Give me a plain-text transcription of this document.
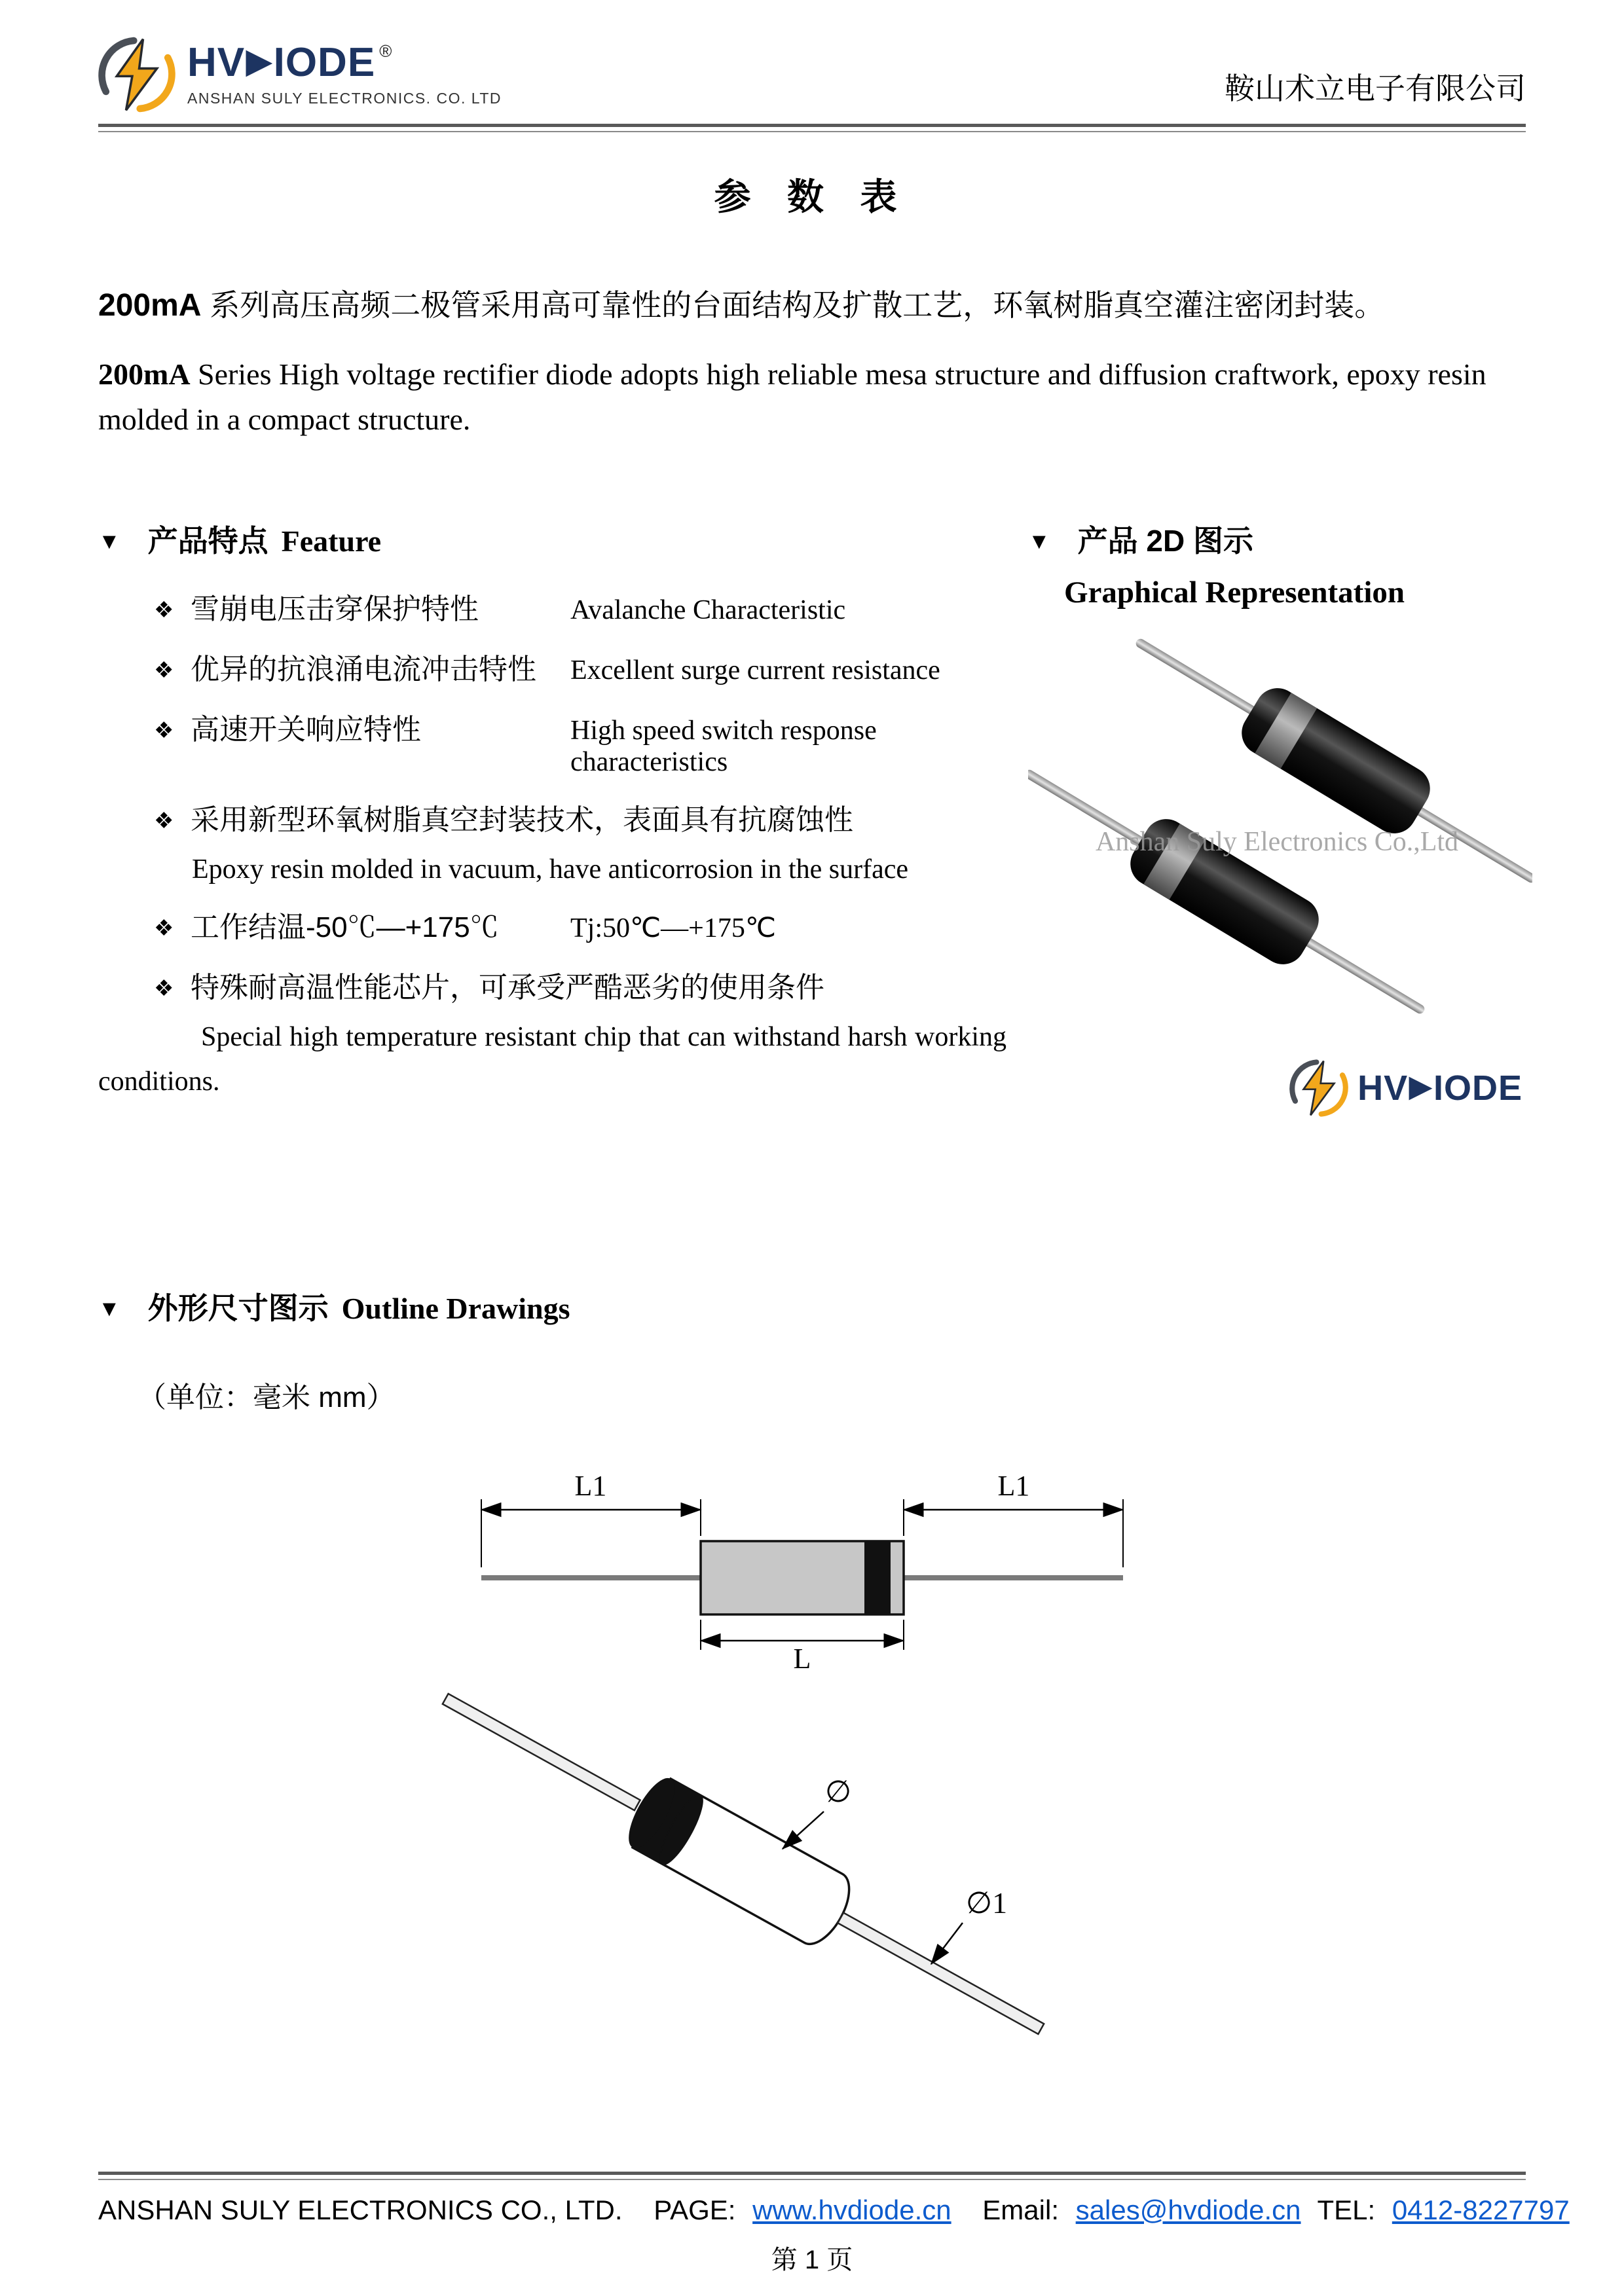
HV ▶ IODE ®
ANSHAN SULY ELECTRONICS. CO. LTD	鞍山术立电子有限公司
参 数 表
200mA 系列高压高频二极管采用高可靠性的台面结构及扩散工艺，环氧树脂真空灌注密闭封装。
200mA Series High voltage rectifier diode adopts high reliable mesa structure and diffusion craftwork, epoxy resin molded in a compact structure.
▼ 产品特点 Feature
❖ 雪崩电压击穿保护特性	Avalanche Characteristic
❖ 优异的抗浪涌电流冲击特性	Excellent surge current resistance
❖ 高速开关响应特性	High speed switch response characteristics
❖ 采用新型环氧树脂真空封装技术，表面具有抗腐蚀性
Epoxy resin molded in vacuum, have anticorrosion in the surface
❖ 工作结温-50℃—+175℃	Tj:50℃—+175℃
❖ 特殊耐高温性能芯片，可承受严酷恶劣的使用条件
Special high temperature resistant chip that can withstand harsh working
conditions.
▼ 产品 2D 图示
Graphical Representation
Anshan Suly Electronics Co.,Ltd
HV ▶ IODE
▼ 外形尺寸图示 Outline Drawings
（单位：毫米 mm）
L1	L1
L
∅
∅1
ANSHAN SULY ELECTRONICS CO., LTD. PAGE: www.hvdiode.cn Email: sales@hvdiode.cn TEL: 0412-8227797
第 1 页
